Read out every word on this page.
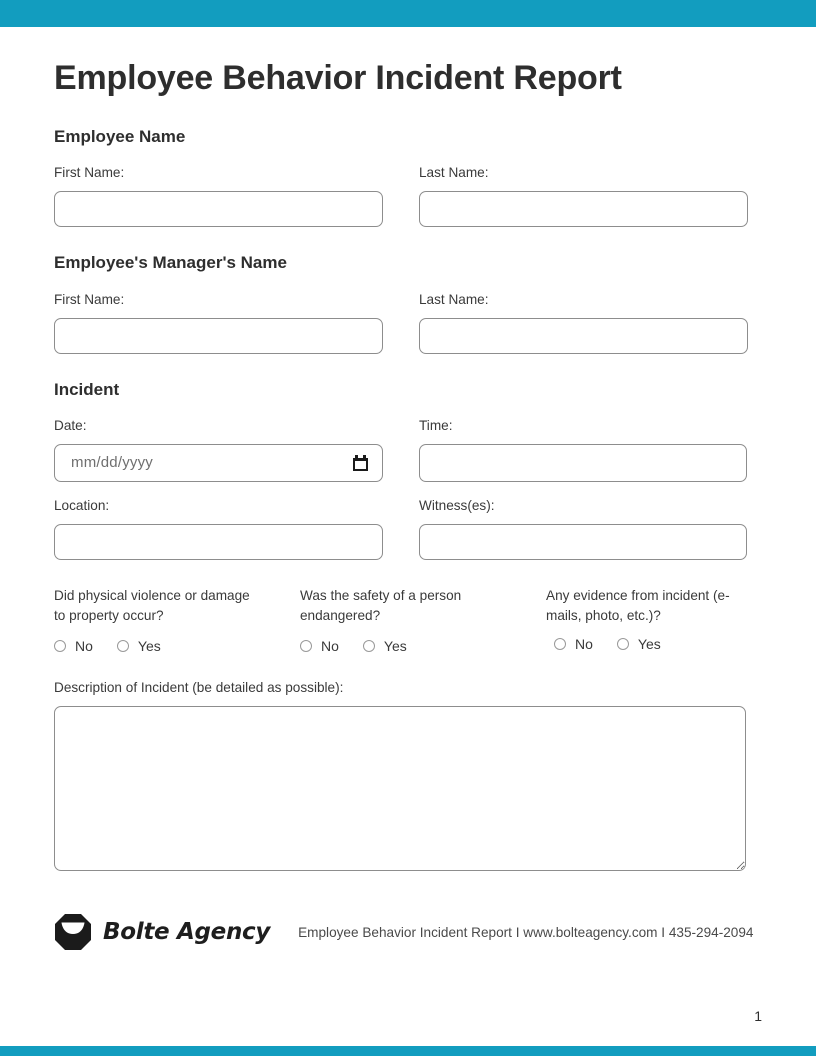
Employee Behavior Incident Report
Employee Name
First Name:	Last Name:
Employee's Manager's Name
First Name:	Last Name:
Incident
Date:
mm/dd/yyyy
Time:
Location:	Witness(es):
Did physical violence or damage to property occur?
No	Yes
Was the safety of a person endangered?
No	Yes
Any evidence from incident (e-mails, photo, etc.)?
No	Yes
Description of Incident (be detailed as possible):
Bolte Agency Employee Behavior Incident Report I www.bolteagency.com I 435-294-2094
1
